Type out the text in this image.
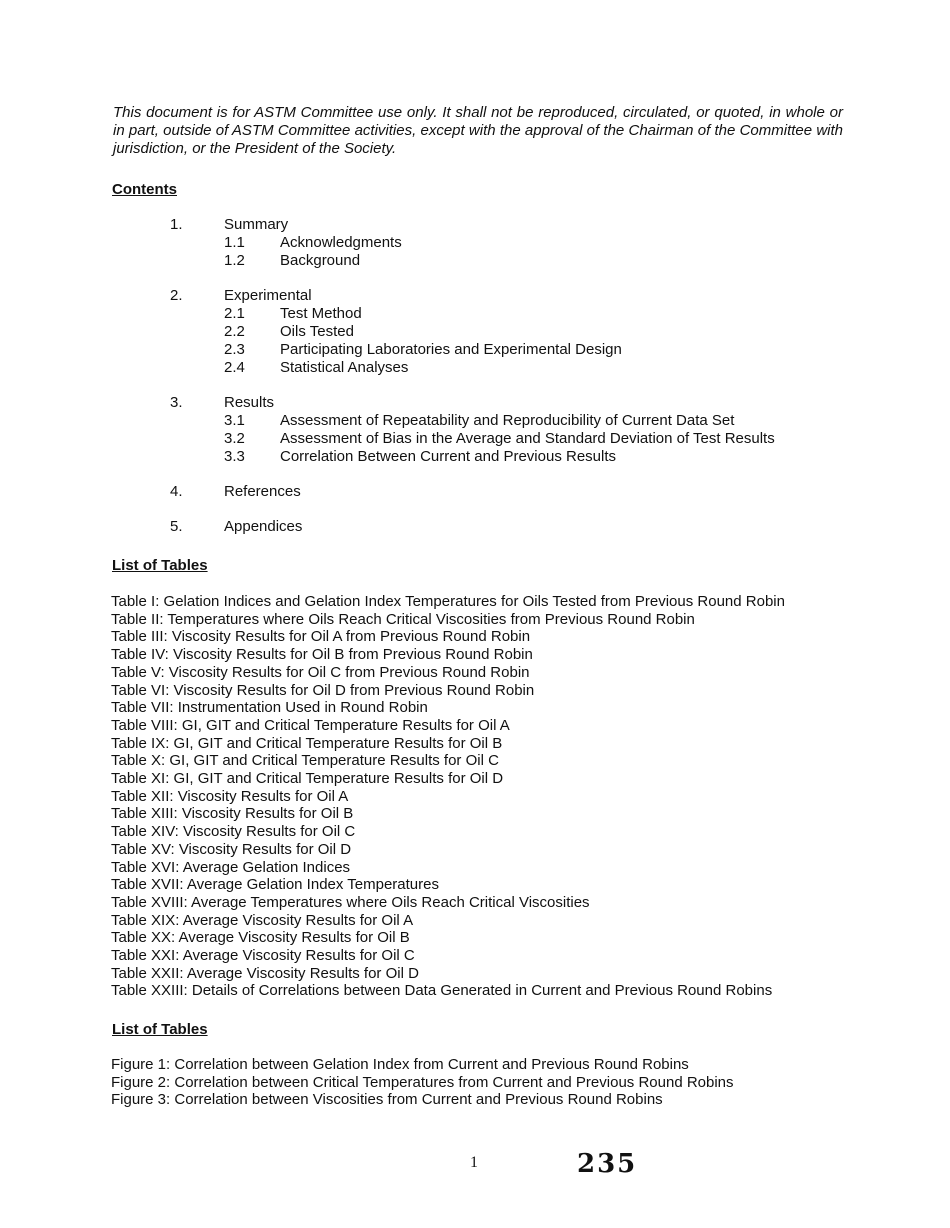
This document is for ASTM Committee use only. It shall not be reproduced, circulated, or quoted, in whole or in part, outside of ASTM Committee activities, except with the approval of the Chairman of the Committee with jurisdiction, or the President of the Society.
Contents
1.	Summary
1.1 Acknowledgments
1.2 Background
2.	Experimental
2.1 Test Method
2.2 Oils Tested
2.3 Participating Laboratories and Experimental Design
2.4 Statistical Analyses
3.	Results
3.1 Assessment of Repeatability and Reproducibility of Current Data Set
3.2 Assessment of Bias in the Average and Standard Deviation of Test Results
3.3 Correlation Between Current and Previous Results
4.	References
5.	Appendices
List of Tables
Table I: Gelation Indices and Gelation Index Temperatures for Oils Tested from Previous Round Robin
Table II: Temperatures where Oils Reach Critical Viscosities from Previous Round Robin
Table III: Viscosity Results for Oil A from Previous Round Robin
Table IV: Viscosity Results for Oil B from Previous Round Robin
Table V: Viscosity Results for Oil C from Previous Round Robin
Table VI: Viscosity Results for Oil D from Previous Round Robin
Table VII: Instrumentation Used in Round Robin
Table VIII: GI, GIT and Critical Temperature Results for Oil A
Table IX: GI, GIT and Critical Temperature Results for Oil B
Table X: GI, GIT and Critical Temperature Results for Oil C
Table XI: GI, GIT and Critical Temperature Results for Oil D
Table XII: Viscosity Results for Oil A
Table XIII: Viscosity Results for Oil B
Table XIV: Viscosity Results for Oil C
Table XV: Viscosity Results for Oil D
Table XVI: Average Gelation Indices
Table XVII: Average Gelation Index Temperatures
Table XVIII: Average Temperatures where Oils Reach Critical Viscosities
Table XIX: Average Viscosity Results for Oil A
Table XX: Average Viscosity Results for Oil B
Table XXI: Average Viscosity Results for Oil C
Table XXII: Average Viscosity Results for Oil D
Table XXIII: Details of Correlations between Data Generated in Current and Previous Round Robins
List of Tables
Figure 1: Correlation between Gelation Index from Current and Previous Round Robins
Figure 2: Correlation between Critical Temperatures from Current and Previous Round Robins
Figure 3: Correlation between Viscosities from Current and Previous Round Robins
1	235
